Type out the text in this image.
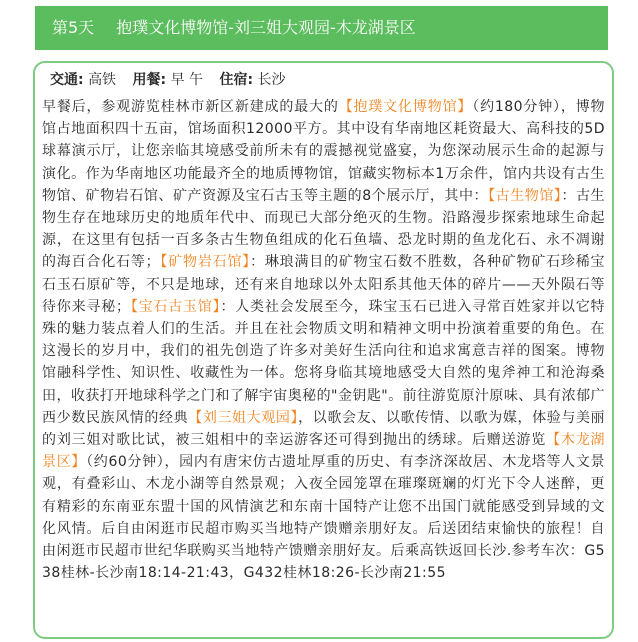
第5天 抱璞文化博物馆-刘三姐大观园-木龙湖景区
交通: 高铁 用餐: 早 午 住宿: 长沙

早餐后，参观游览桂林市新区新建成的最大的【抱璞文化博物馆】（约180分钟），博物馆占地面积四十五亩，馆场面积12000平方。其中设有华南地区耗资最大、高科技的5D球幕演示厅，让您亲临其境感受前所未有的震撼视觉盛宴，为您深动展示生命的起源与演化。作为华南地区功能最齐全的地质博物馆，馆藏实物标本1万余件，馆内共设有古生物馆、矿物岩石馆、矿产资源及宝石古玉等主题的8个展示厅，其中：【古生物馆】：古生物生存在地球历史的地质年代中、而现已大部分绝灭的生物。沿路漫步探索地球生命起源，在这里有包括一百多条古生物鱼组成的化石鱼墙、恐龙时期的鱼龙化石、永不凋谢的海百合化石等；【矿物岩石馆】：琳琅满目的矿物宝石数不胜数，各种矿物矿石珍稀宝石玉石原矿等，不只是地球，还有来自地球以外太阳系其他天体的碎片——天外陨石等待你来寻秘；【宝石古玉馆】：人类社会发展至今，珠宝玉石已进入寻常百姓家并以它特殊的魅力装点着人们的生活。并且在社会物质文明和精神文明中扮演着重要的角色。在这漫长的岁月中，我们的祖先创造了许多对美好生活向往和追求寓意吉祥的图案。博物馆融科学性、知识性、收藏性为一体。您将身临其境地感受大自然的鬼斧神工和沧海桑田，收获打开地球科学之门和了解宇宙奥秘的"金钥匙"。前往游览原汁原味、具有浓郁广西少数民族风情的经典【刘三姐大观园】，以歌会友、以歌传情、以歌为媒，体验与美丽的刘三姐对歌比试，被三姐相中的幸运游客还可得到抛出的绣球。后赠送游览【木龙湖景区】（约60分钟），园内有唐宋仿古遗址厚重的历史、有李济深故居、木龙塔等人文景观，有叠彩山、木龙小湖等自然景观；入夜全园笼罩在璀璨斑斓的灯光下令人迷醉，更有精彩的东南亚东盟十国的风情演艺和东南十国特产让您不出国门就能感受到异域的文化风情。后自由闲逛市民超市购买当地特产馈赠亲朋好友。后送团结束愉快的旅程！自由闲逛市民超市世纪华联购买当地特产馈赠亲朋好友。后乘高铁返回长沙.参考车次：G538桂林-长沙南18:14-21:43，G432桂林18:26-长沙南21:55
